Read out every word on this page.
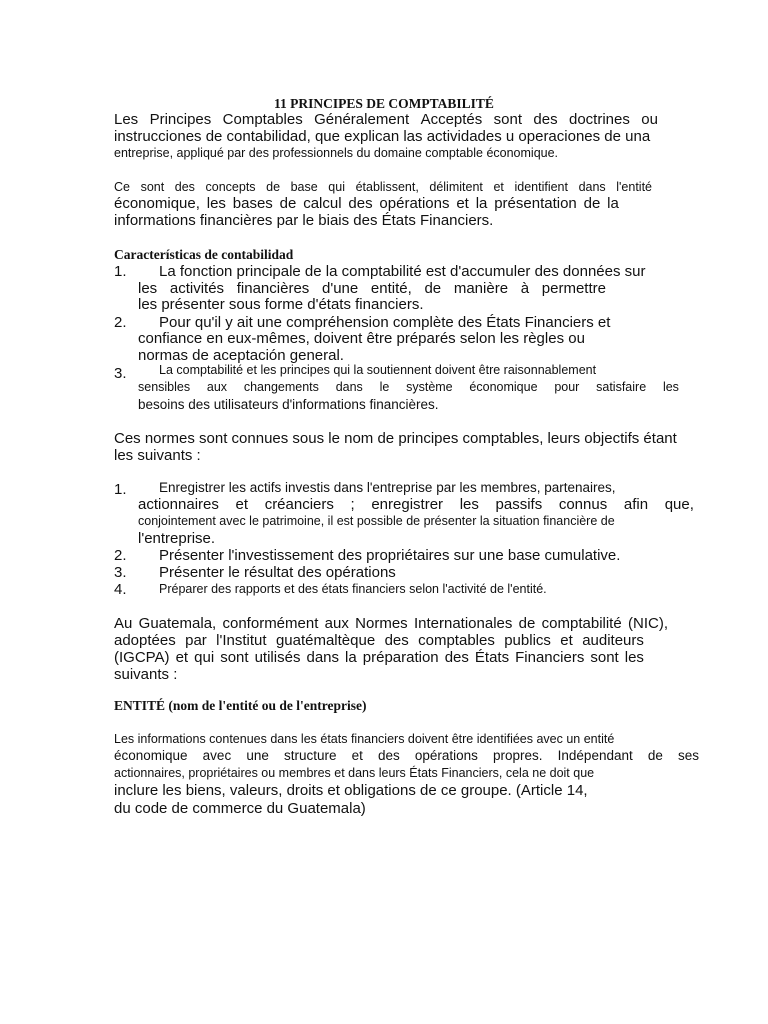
11 PRINCIPES DE COMPTABILITÉ
Les Principes Comptables Généralement Acceptés sont des doctrines ou
instrucciones de contabilidad, que explican las actividades u operaciones de una
entreprise, appliqué par des professionnels du domaine comptable économique.
Ce sont des concepts de base qui établissent, délimitent et identifient dans l'entité
économique, les bases de calcul des opérations et la présentation de la
informations financières par le biais des États Financiers.
Características de contabilidad
1. La fonction principale de la comptabilité est d'accumuler des données sur
les activités financières d'une entité, de manière à permettre
les présenter sous forme d'états financiers.
2. Pour qu'il y ait une compréhension complète des États Financiers et
confiance en eux-mêmes, doivent être préparés selon les règles ou
normas de aceptación general.
3.	La comptabilité et les principes qui la soutiennent doivent être raisonnablement
sensibles aux changements dans le système économique pour satisfaire les
besoins des utilisateurs d'informations financières.
Ces normes sont connues sous le nom de principes comptables, leurs objectifs étant
les suivants :
1. Enregistrer les actifs investis dans l'entreprise par les membres, partenaires,
actionnaires et créanciers ; enregistrer les passifs connus afin que,
conjointement avec le patrimoine, il est possible de présenter la situation financière de
l'entreprise.
2. Présenter l'investissement des propriétaires sur une base cumulative.
3. Présenter le résultat des opérations
4.	Préparer des rapports et des états financiers selon l'activité de l'entité.
Au Guatemala, conformément aux Normes Internationales de comptabilité (NIC),
adoptées par l'Institut guatémaltèque des comptables publics et auditeurs
(IGCPA) et qui sont utilisés dans la préparation des États Financiers sont les
suivants :
ENTITÉ (nom de l'entité ou de l'entreprise)
Les informations contenues dans les états financiers doivent être identifiées avec un entité
économique avec une structure et des opérations propres. Indépendant de ses
actionnaires, propriétaires ou membres et dans leurs États Financiers, cela ne doit que
inclure les biens, valeurs, droits et obligations de ce groupe. (Article 14,
du code de commerce du Guatemala)
